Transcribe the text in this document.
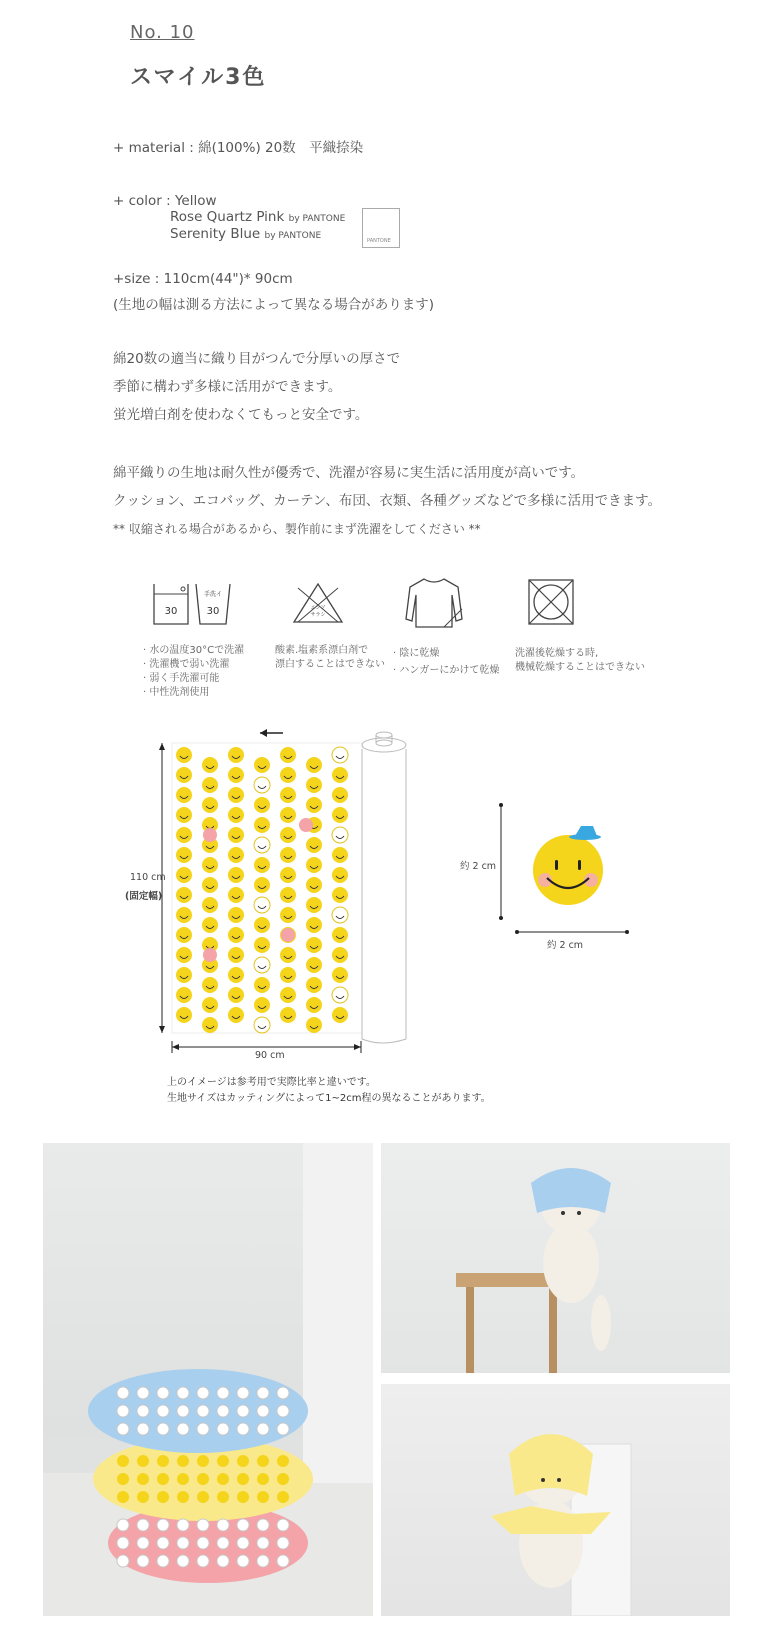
No. 10
スマイル3色
+ material : 綿(100%) 20数　平織捺染
+ color : Yellow
Rose Quartz Pink by PANTONE
Serenity Blue by PANTONE	PANTONE
+size : 110cm(44")* 90cm
(生地の幅は測る方法によって異なる場合があります)
綿20数の適当に織り目がつんで分厚いの厚さで
季節に構わず多様に活用ができます。
蛍光増白剤を使わなくてもっと安全です。
綿平織りの生地は耐久性が優秀で、洗濯が容易に実生活に活用度が高いです。
クッション、エコバッグ、カーテン、布団、衣類、各種グッズなどで多様に活用できます。
** 収縮される場合があるから、製作前にまず洗濯をしてください **
30
手洗イ
30	エンソ
サラシ
· 水の温度30°Cで洗濯
· 洗濯機で弱い洗濯
· 弱く手洗濯可能
· 中性洗剤使用
酸素.塩素系漂白剤で
漂白することはできない
· 陰に乾燥
· ハンガーにかけて乾燥
洗濯後乾燥する時,
機械乾燥することはできない
110 cm
(固定幅)
90 cm
約 2 cm
約 2 cm
上のイメージは参考用で実際比率と違いです。
生地サイズはカッティングによって1~2cm程の異なることがあります。
